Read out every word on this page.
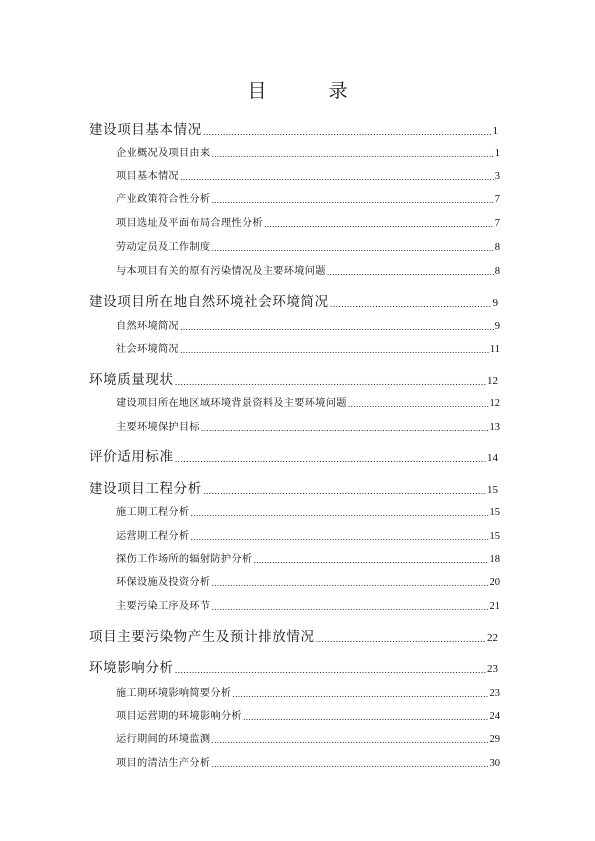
目	录
建设项目基本情况 ……………………………………………………………………………………………………………………………………………………………………………………………	1
企业概况及项目由来 ……………………………………………………………………………………………………………………………………………………………………………………………	1
项目基本情况 ……………………………………………………………………………………………………………………………………………………………………………………………	3
产业政策符合性分析 ……………………………………………………………………………………………………………………………………………………………………………………………	7
项目选址及平面布局合理性分析 ……………………………………………………………………………………………………………………………………………………………………………………………	7
劳动定员及工作制度 ……………………………………………………………………………………………………………………………………………………………………………………………	8
与本项目有关的原有污染情况及主要环境问题 ……………………………………………………………………………………………………………………………………………………………………………………………	8
建设项目所在地自然环境社会环境简况 ……………………………………………………………………………………………………………………………………………………………………………………………	9
自然环境简况 ……………………………………………………………………………………………………………………………………………………………………………………………	9
社会环境简况 ……………………………………………………………………………………………………………………………………………………………………………………………	11
环境质量现状 ……………………………………………………………………………………………………………………………………………………………………………………………	12
建设项目所在地区域环境背景资料及主要环境问题 ……………………………………………………………………………………………………………………………………………………………………………………………	12
主要环境保护目标 ……………………………………………………………………………………………………………………………………………………………………………………………	13
评价适用标准 ……………………………………………………………………………………………………………………………………………………………………………………………	14
建设项目工程分析 ……………………………………………………………………………………………………………………………………………………………………………………………	15
施工期工程分析 ……………………………………………………………………………………………………………………………………………………………………………………………	15
运营期工程分析 ……………………………………………………………………………………………………………………………………………………………………………………………	15
探伤工作场所的辐射防护分析 ……………………………………………………………………………………………………………………………………………………………………………………………	18
环保设施及投资分析 ……………………………………………………………………………………………………………………………………………………………………………………………	20
主要污染工序及环节 ……………………………………………………………………………………………………………………………………………………………………………………………	21
项目主要污染物产生及预计排放情况 ……………………………………………………………………………………………………………………………………………………………………………………………	22
环境影响分析 ……………………………………………………………………………………………………………………………………………………………………………………………	23
施工期环境影响简要分析 ……………………………………………………………………………………………………………………………………………………………………………………………	23
项目运营期的环境影响分析 ……………………………………………………………………………………………………………………………………………………………………………………………	24
运行期间的环境监测 ……………………………………………………………………………………………………………………………………………………………………………………………	29
项目的清洁生产分析 ……………………………………………………………………………………………………………………………………………………………………………………………	30
